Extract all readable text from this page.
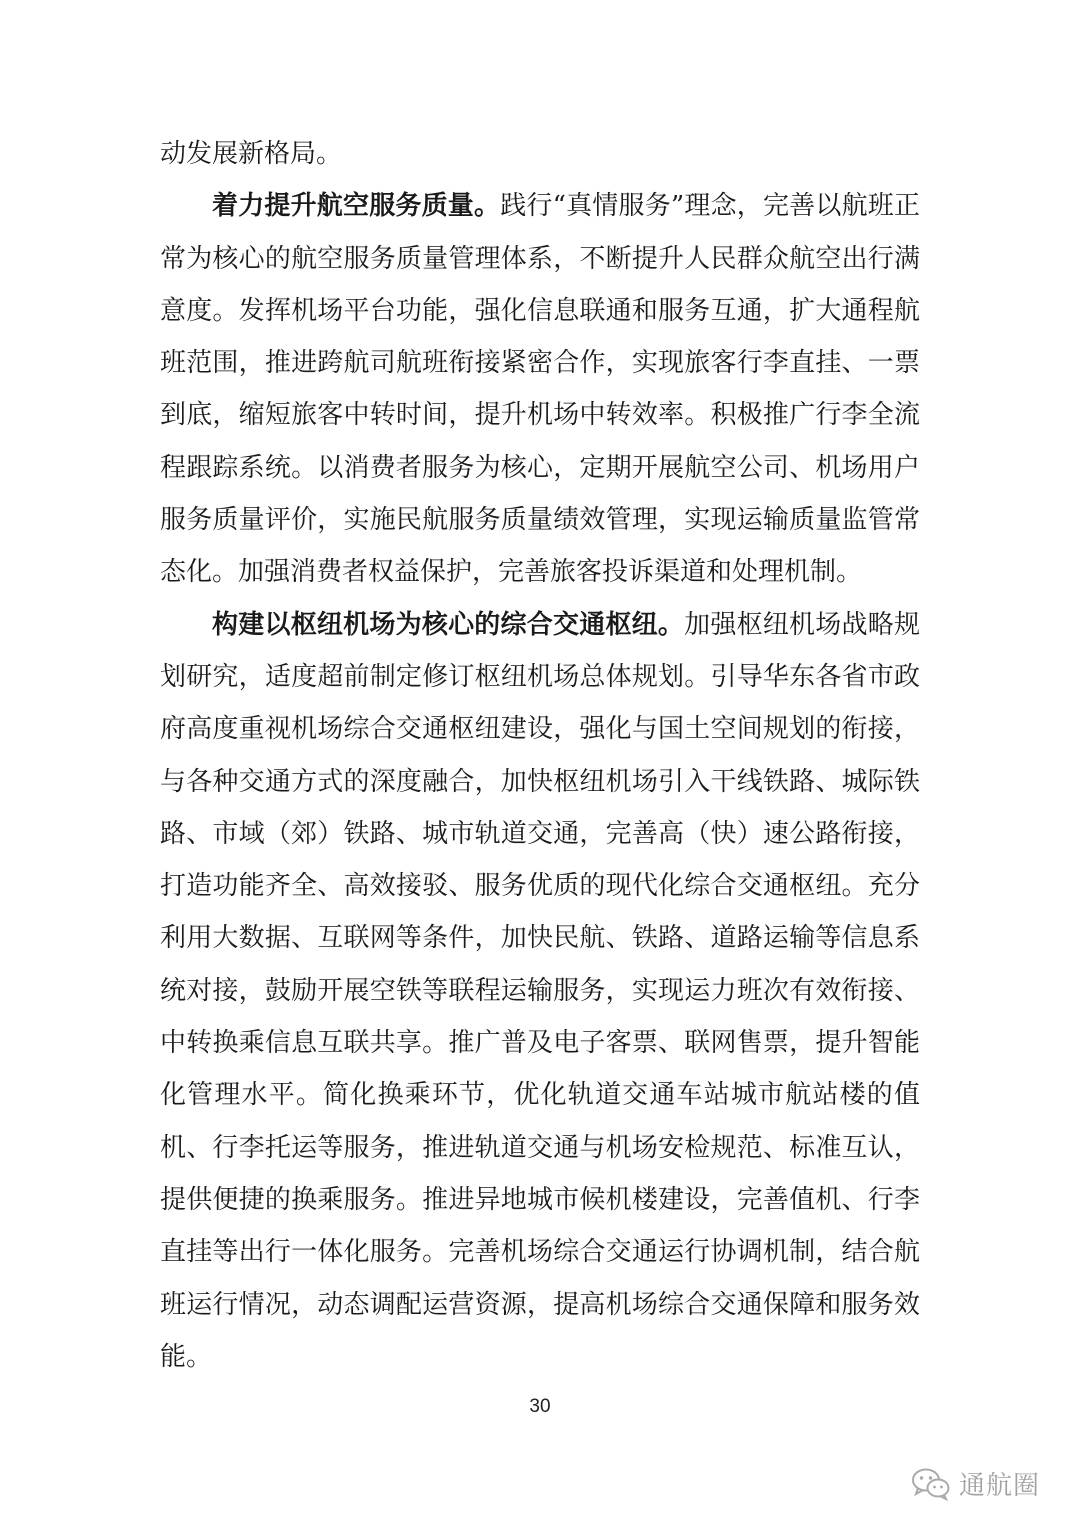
动发展新格局。

着力提升航空服务质量。践行“真情服务”理念，完善以航班正常为核心的航空服务质量管理体系，不断提升人民群众航空出行满意度。发挥机场平台功能，强化信息联通和服务互通，扩大通程航班范围，推进跨航司航班衔接紧密合作，实现旅客行李直挂、一票到底，缩短旅客中转时间，提升机场中转效率。积极推广行李全流程跟踪系统。以消费者服务为核心，定期开展航空公司、机场用户服务质量评价，实施民航服务质量绩效管理，实现运输质量监管常态化。加强消费者权益保护，完善旅客投诉渠道和处理机制。

构建以枢纽机场为核心的综合交通枢纽。加强枢纽机场战略规划研究，适度超前制定修订枢纽机场总体规划。引导华东各省市政府高度重视机场综合交通枢纽建设，强化与国土空间规划的衔接，与各种交通方式的深度融合，加快枢纽机场引入干线铁路、城际铁路、市域（郊）铁路、城市轨道交通，完善高（快）速公路衔接，打造功能齐全、高效接驳、服务优质的现代化综合交通枢纽。充分利用大数据、互联网等条件，加快民航、铁路、道路运输等信息系统对接，鼓励开展空铁等联程运输服务，实现运力班次有效衔接、中转换乘信息互联共享。推广普及电子客票、联网售票，提升智能化管理水平。简化换乘环节，优化轨道交通车站城市航站楼的值机、行李托运等服务，推进轨道交通与机场安检规范、标准互认，提供便捷的换乘服务。推进异地城市候机楼建设，完善值机、行李直挂等出行一体化服务。完善机场综合交通运行协调机制，结合航班运行情况，动态调配运营资源，提高机场综合交通保障和服务效能。

30
通航圈
